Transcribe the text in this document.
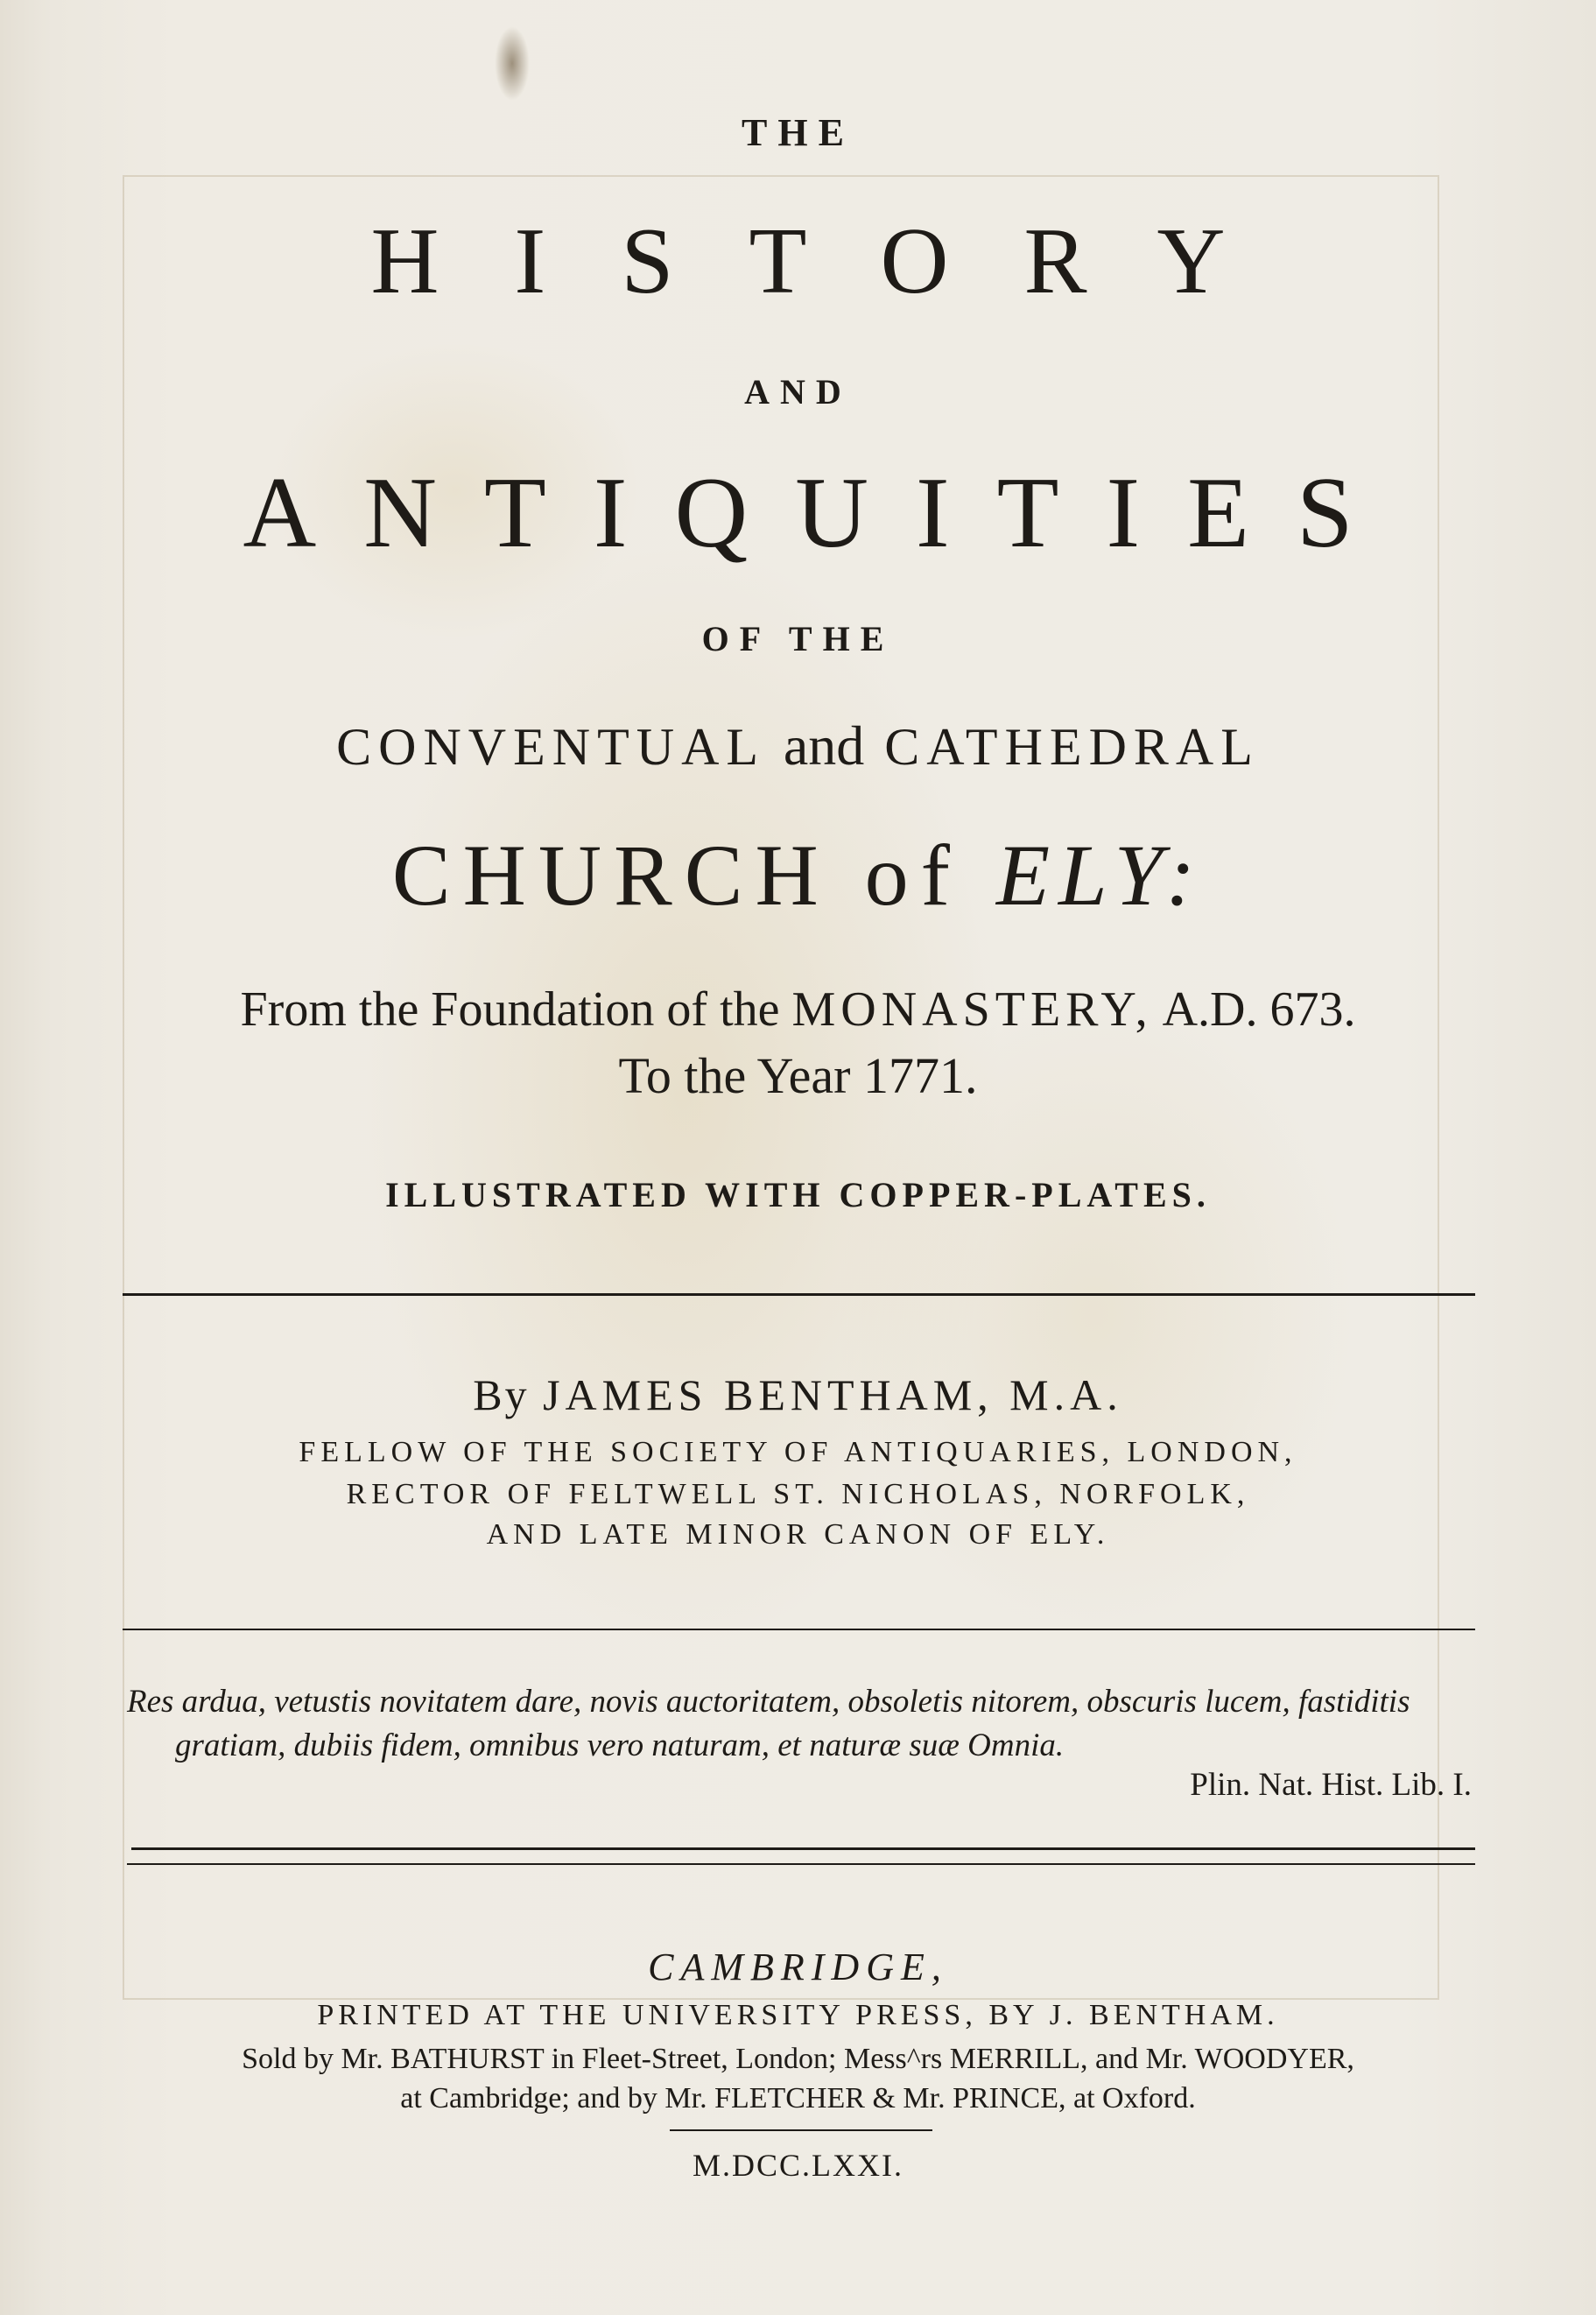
THE
HISTORY
AND
ANTIQUITIES
OF THE
CONVENTUAL and CATHEDRAL
CHURCH of ELY:
From the Foundation of the MONASTERY, A.D. 673.
To the Year 1771.
ILLUSTRATED WITH COPPER-PLATES.
By JAMES BENTHAM, M.A.
FELLOW OF THE SOCIETY OF ANTIQUARIES, LONDON,
RECTOR OF FELTWELL ST. NICHOLAS, NORFOLK,
AND LATE MINOR CANON OF ELY.
Res ardua, vetustis novitatem dare, novis auctoritatem, obsoletis nitorem, obscuris lucem, fastiditis
gratiam, dubiis fidem, omnibus vero naturam, et naturæ suæ Omnia.
Plin. Nat. Hist. Lib. I.
CAMBRIDGE,
PRINTED AT THE UNIVERSITY PRESS, BY J. BENTHAM.
Sold by Mr. BATHURST in Fleet-Street, London; Mess^rs MERRILL, and Mr. WOODYER,
at Cambridge; and by Mr. FLETCHER & Mr. PRINCE, at Oxford.
M.DCC.LXXI.
